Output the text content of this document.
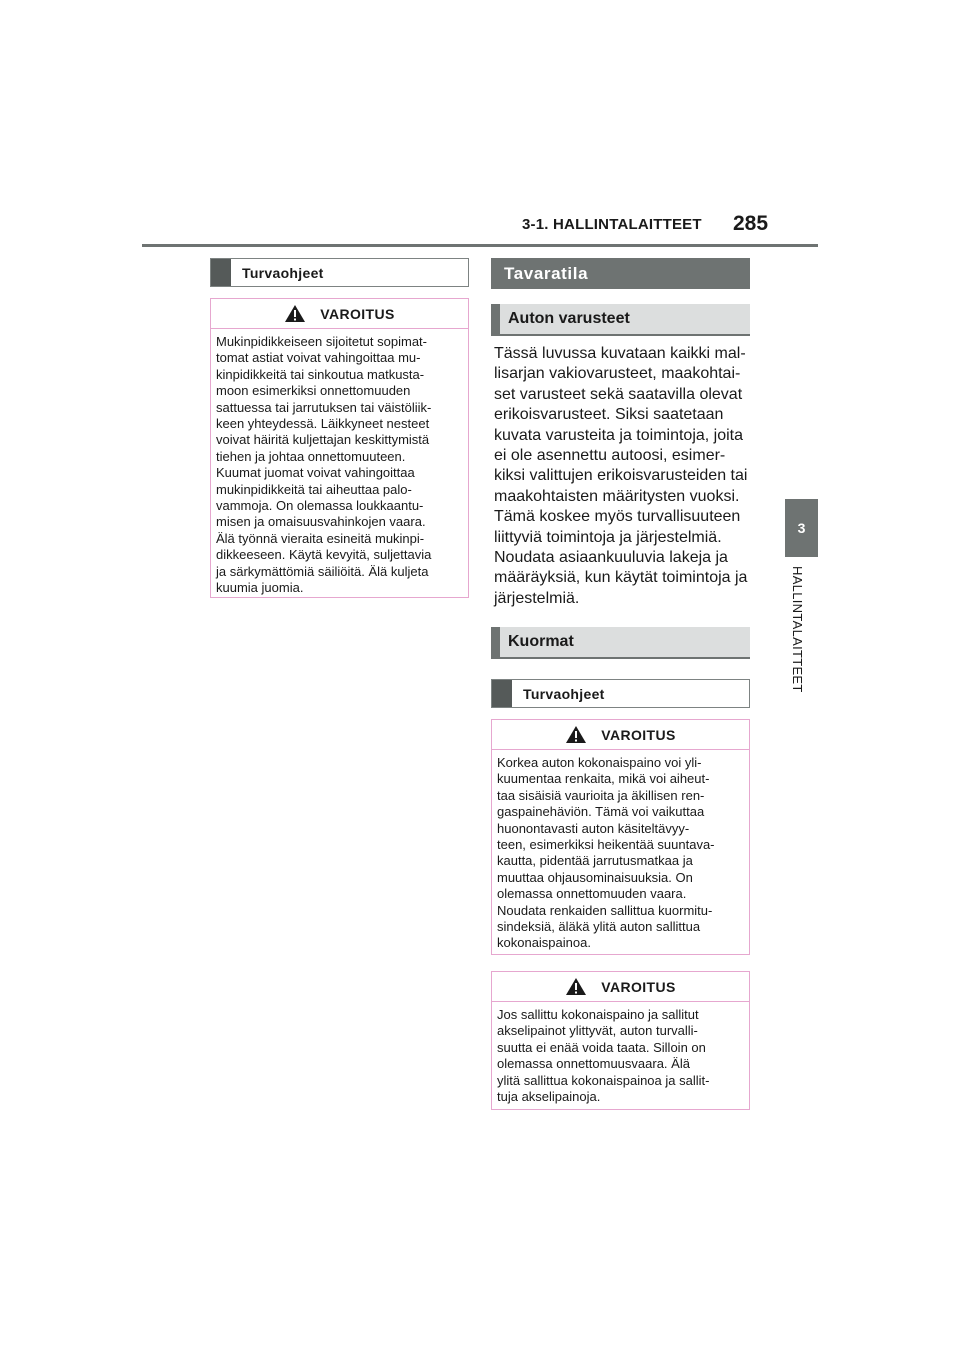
3-1. HALLINTALAITTEET 285
3
HALLINTALAITTEET
Turvaohjeet
VAROITUS
Mukinpidikkeiseen sijoitetut sopimat-
tomat astiat voivat vahingoittaa mu-
kinpidikkeitä tai sinkoutua matkusta-
moon esimerkiksi onnettomuuden
sattuessa tai jarrutuksen tai väistöliik-
keen yhteydessä. Läikkyneet nesteet
voivat häiritä kuljettajan keskittymistä
tiehen ja johtaa onnettomuuteen.
Kuumat juomat voivat vahingoittaa
mukinpidikkeitä tai aiheuttaa palo-
vammoja. On olemassa loukkaantu-
misen ja omaisuusvahinkojen vaara.
Älä työnnä vieraita esineitä mukinpi-
dikkeeseen. Käytä kevyitä, suljettavia
ja särkymättömiä säiliöitä. Älä kuljeta
kuumia juomia.
Tavaratila
Auton varusteet
Tässä luvussa kuvataan kaikki mal-
lisarjan vakiovarusteet, maakohtai-
set varusteet sekä saatavilla olevat
erikoisvarusteet. Siksi saatetaan
kuvata varusteita ja toimintoja, joita
ei ole asennettu autoosi, esimer-
kiksi valittujen erikoisvarusteiden tai
maakohtaisten määritysten vuoksi.
Tämä koskee myös turvallisuuteen
liittyviä toimintoja ja järjestelmiä.
Noudata asiaankuuluvia lakeja ja
määräyksiä, kun käytät toimintoja ja
järjestelmiä.
Kuormat
Turvaohjeet
VAROITUS
Korkea auton kokonaispaino voi yli-
kuumentaa renkaita, mikä voi aiheut-
taa sisäisiä vaurioita ja äkillisen ren-
gaspainehäviön. Tämä voi vaikuttaa
huonontavasti auton käsiteltävyy-
teen, esimerkiksi heikentää suuntava-
kautta, pidentää jarrutusmatkaa ja
muuttaa ohjausominaisuuksia. On
olemassa onnettomuuden vaara.
Noudata renkaiden sallittua kuormitu-
sindeksiä, äläkä ylitä auton sallittua
kokonaispainoa.
VAROITUS
Jos sallittu kokonaispaino ja sallitut
akselipainot ylittyvät, auton turvalli-
suutta ei enää voida taata. Silloin on
olemassa onnettomuusvaara. Älä
ylitä sallittua kokonaispainoa ja sallit-
tuja akselipainoja.
